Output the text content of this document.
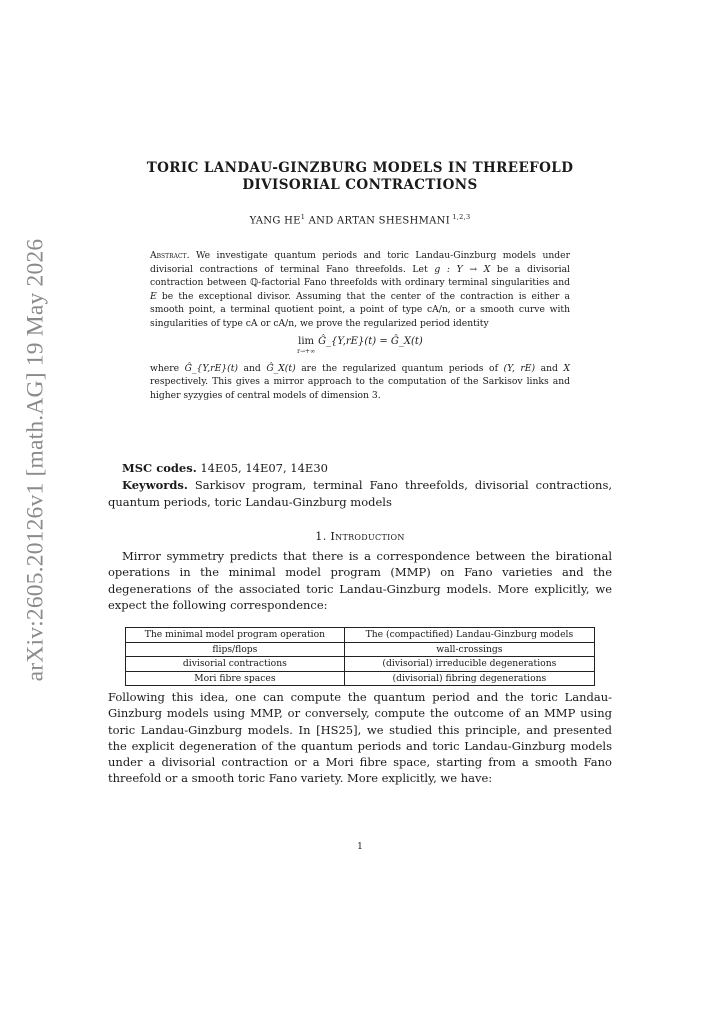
arXiv:2605.20126v1 [math.AG] 19 May 2026
TORIC LANDAU-GINZBURG MODELS IN THREEFOLD
DIVISORIAL CONTRACTIONS
YANG $HE^1$ AND ARTAN SHESHMANI $^{1,2,3}$

Abstract. We investigate quantum periods and toric Landau-Ginzburg models under divisorial contractions of terminal Fano threefolds. Let g : Y → X be a divisorial contraction between ℚ-factorial Fano threefolds with ordinary terminal singularities and E be the exceptional divisor. Assuming that the center of the contraction is either a smooth point, a terminal quotient point, a point of type cA/n, or a smooth curve with singularities of type cA or cA/n, we prove the regularized period identity

lim
r→+∞
Ĝ_{Y,rE}(t) = Ĝ_X(t)

where Ĝ_{Y,rE}(t) and Ĝ_X(t) are the regularized quantum periods of (Y, rE) and X respectively. This gives a mirror approach to the computation of the Sarkisov links and higher syzygies of central models of dimension 3.

MSC codes. 14E05, 14E07, 14E30

Keywords. Sarkisov program, terminal Fano threefolds, divisorial contractions, quantum periods, toric Landau-Ginzburg models

1. Introduction

Mirror symmetry predicts that there is a correspondence between the birational operations in the minimal model program (MMP) on Fano varieties and the degenerations of the associated toric Landau-Ginzburg models. More explicitly, we expect the following correspondence:

The minimal model program operation	The (compactified) Landau-Ginzburg models
flips/flops	wall-crossings
divisorial contractions	(divisorial) irreducible degenerations
Mori fibre spaces	(divisorial) fibring degenerations

Following this idea, one can compute the quantum period and the toric Landau-Ginzburg models using MMP, or conversely, compute the outcome of an MMP using toric Landau-Ginzburg models. In [HS25], we studied this principle, and presented the explicit degeneration of the quantum periods and toric Landau-Ginzburg models under a divisorial contraction or a Mori fibre space, starting from a smooth Fano threefold or a smooth toric Fano variety. More explicitly, we have:

1
